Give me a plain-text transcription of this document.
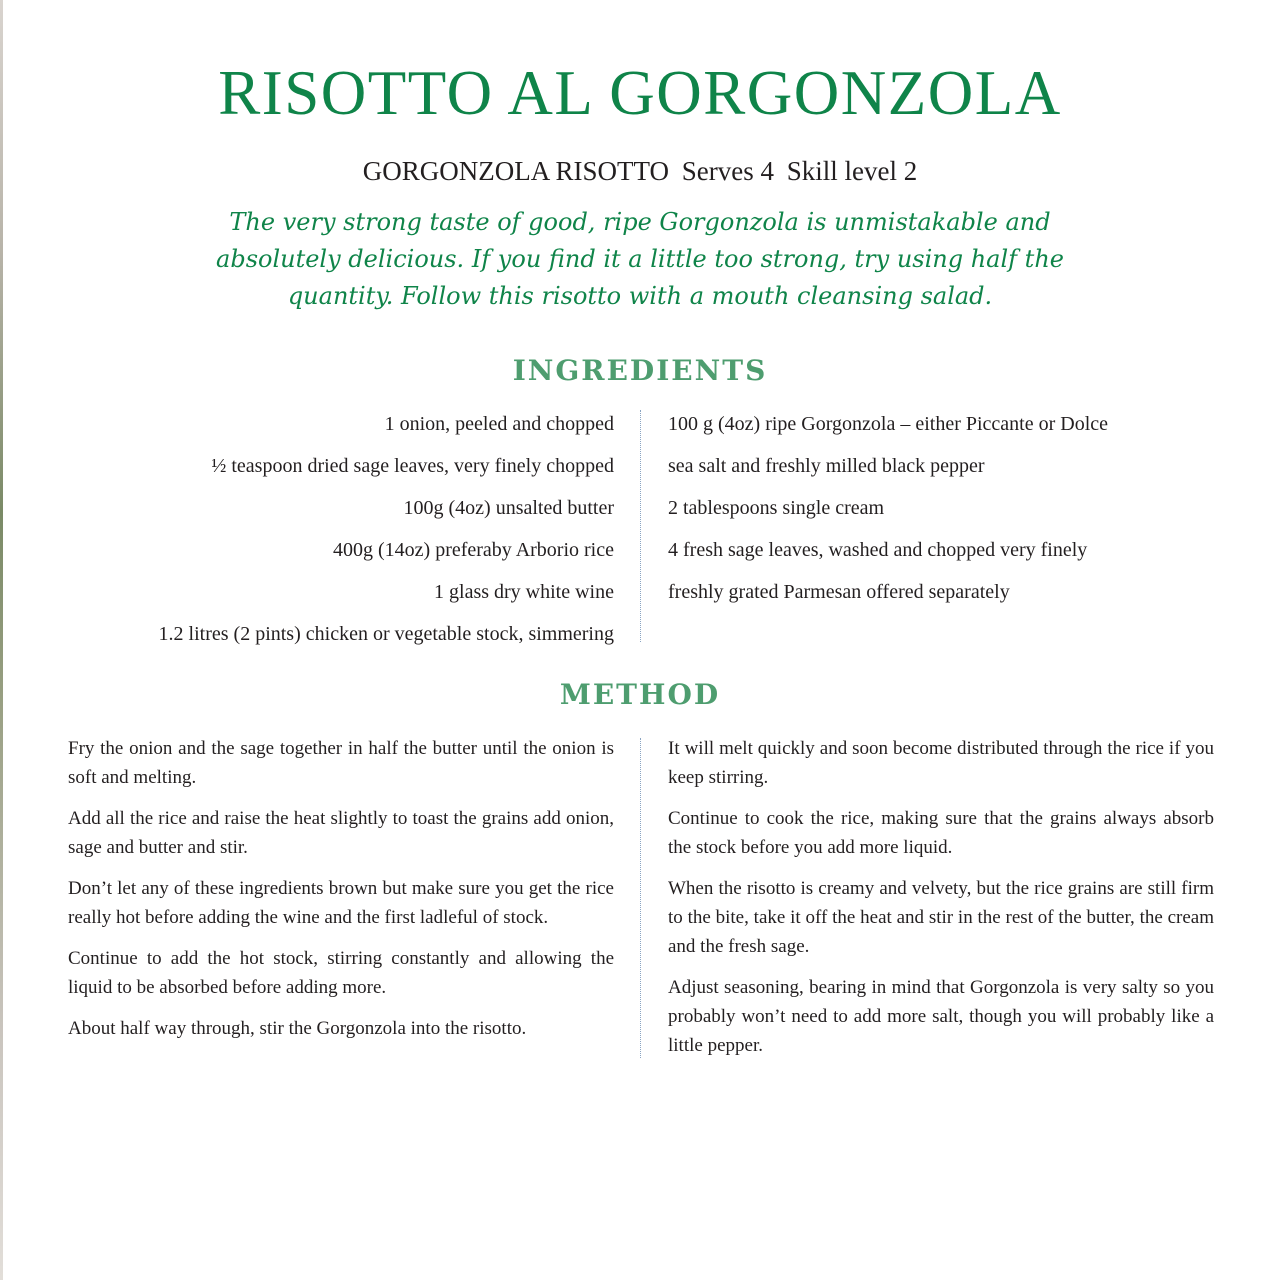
RISOTTO AL GORGONZOLA
GORGONZOLA RISOTTO Serves 4 Skill level 2
The very strong taste of good, ripe Gorgonzola is unmistakable and absolutely delicious. If you find it a little too strong, try using half the quantity. Follow this risotto with a mouth cleansing salad.
INGREDIENTS
1 onion, peeled and chopped
½ teaspoon dried sage leaves, very finely chopped
100g (4oz) unsalted butter
400g (14oz) preferaby Arborio rice
1 glass dry white wine
1.2 litres (2 pints) chicken or vegetable stock, simmering
100 g (4oz) ripe Gorgonzola – either Piccante or Dolce
sea salt and freshly milled black pepper
2 tablespoons single cream
4 fresh sage leaves, washed and chopped very finely
freshly grated Parmesan offered separately
METHOD

Fry the onion and the sage together in half the butter until the onion is soft and melting.

Add all the rice and raise the heat slightly to toast the grains add onion, sage and butter and stir.

Don’t let any of these ingredients brown but make sure you get the rice really hot before adding the wine and the first ladleful of stock.

Continue to add the hot stock, stirring constantly and allowing the liquid to be absorbed before adding more.

About half way through, stir the Gorgonzola into the risotto.

It will melt quickly and soon become distributed through the rice if you keep stirring.

Continue to cook the rice, making sure that the grains always absorb the stock before you add more liquid.

When the risotto is creamy and velvety, but the rice grains are still firm to the bite, take it off the heat and stir in the rest of the butter, the cream and the fresh sage.

Adjust seasoning, bearing in mind that Gorgonzola is very salty so you probably won’t need to add more salt, though you will probably like a little pepper.
